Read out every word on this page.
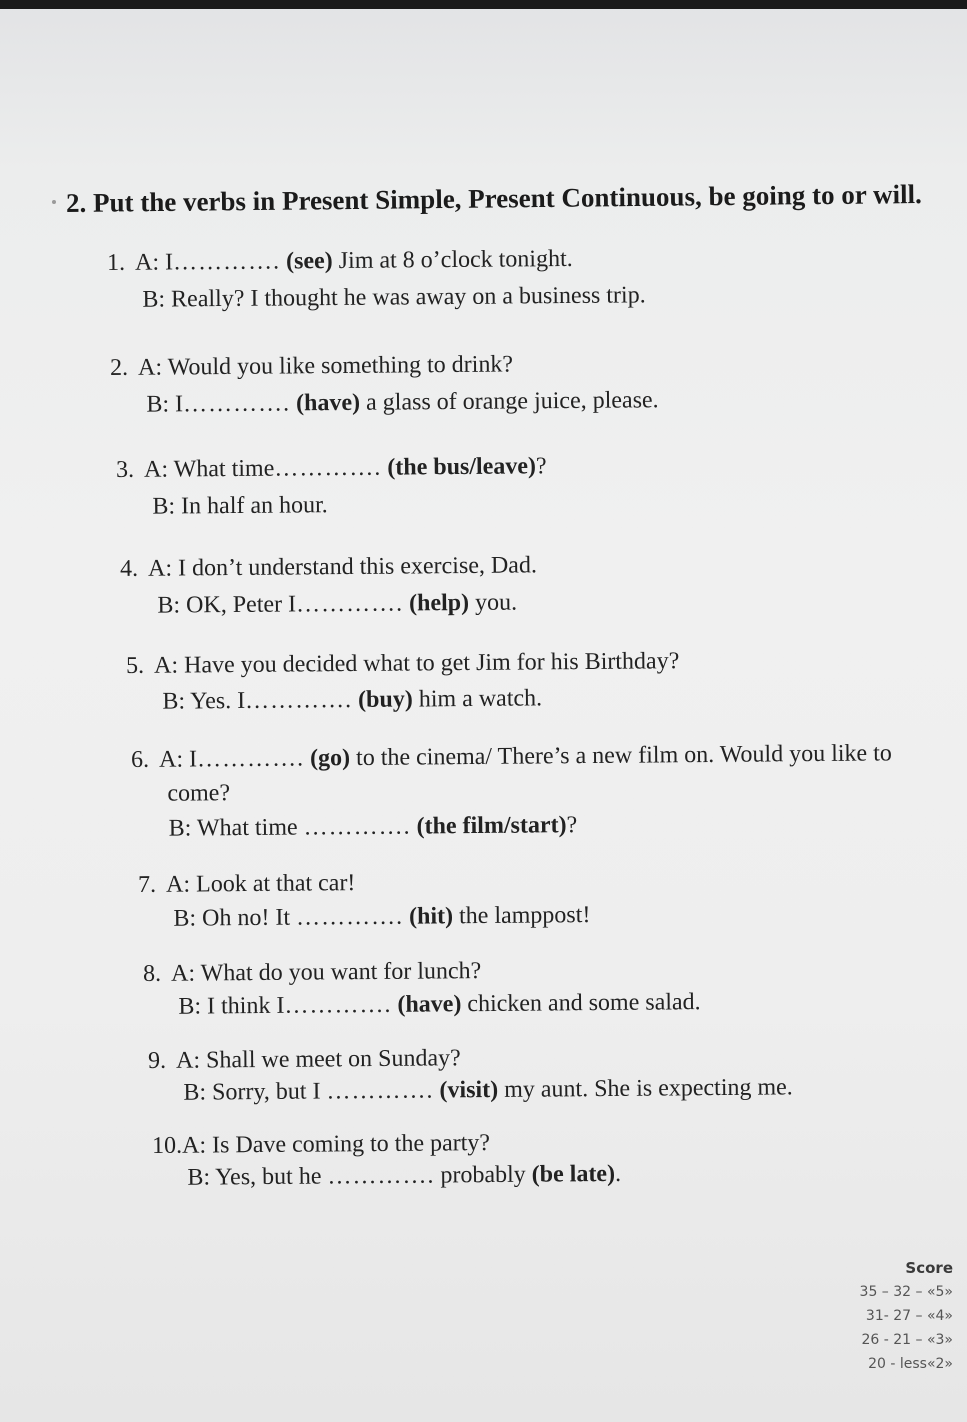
2. Put the verbs in Present Simple, Present Continuous, be going to or will.
1. A: I…………. (see) Jim at 8 o’clock tonight.
B: Really? I thought he was away on a business trip.
2. A: Would you like something to drink?
B: I…………. (have) a glass of orange juice, please.
3. A: What time…………. (the bus/leave)?
B: In half an hour.
4. A: I don’t understand this exercise, Dad.
B: OK, Peter I…………. (help) you.
5. A: Have you decided what to get Jim for his Birthday?
B: Yes. I…………. (buy) him a watch.
6. A: I…………. (go) to the cinema/ There’s a new film on. Would you like to
come?
B: What time …………. (the film/start)?
7. A: Look at that car!
B: Oh no! It …………. (hit) the lamppost!
8. A: What do you want for lunch?
B: I think I…………. (have) chicken and some salad.
9. A: Shall we meet on Sunday?
B: Sorry, but I …………. (visit) my aunt. She is expecting me.
10.A: Is Dave coming to the party?
B: Yes, but he …………. probably (be late).
Score
35 – 32 – «5»
31- 27 – «4»
26 - 21 – «3»
20 - less«2»
